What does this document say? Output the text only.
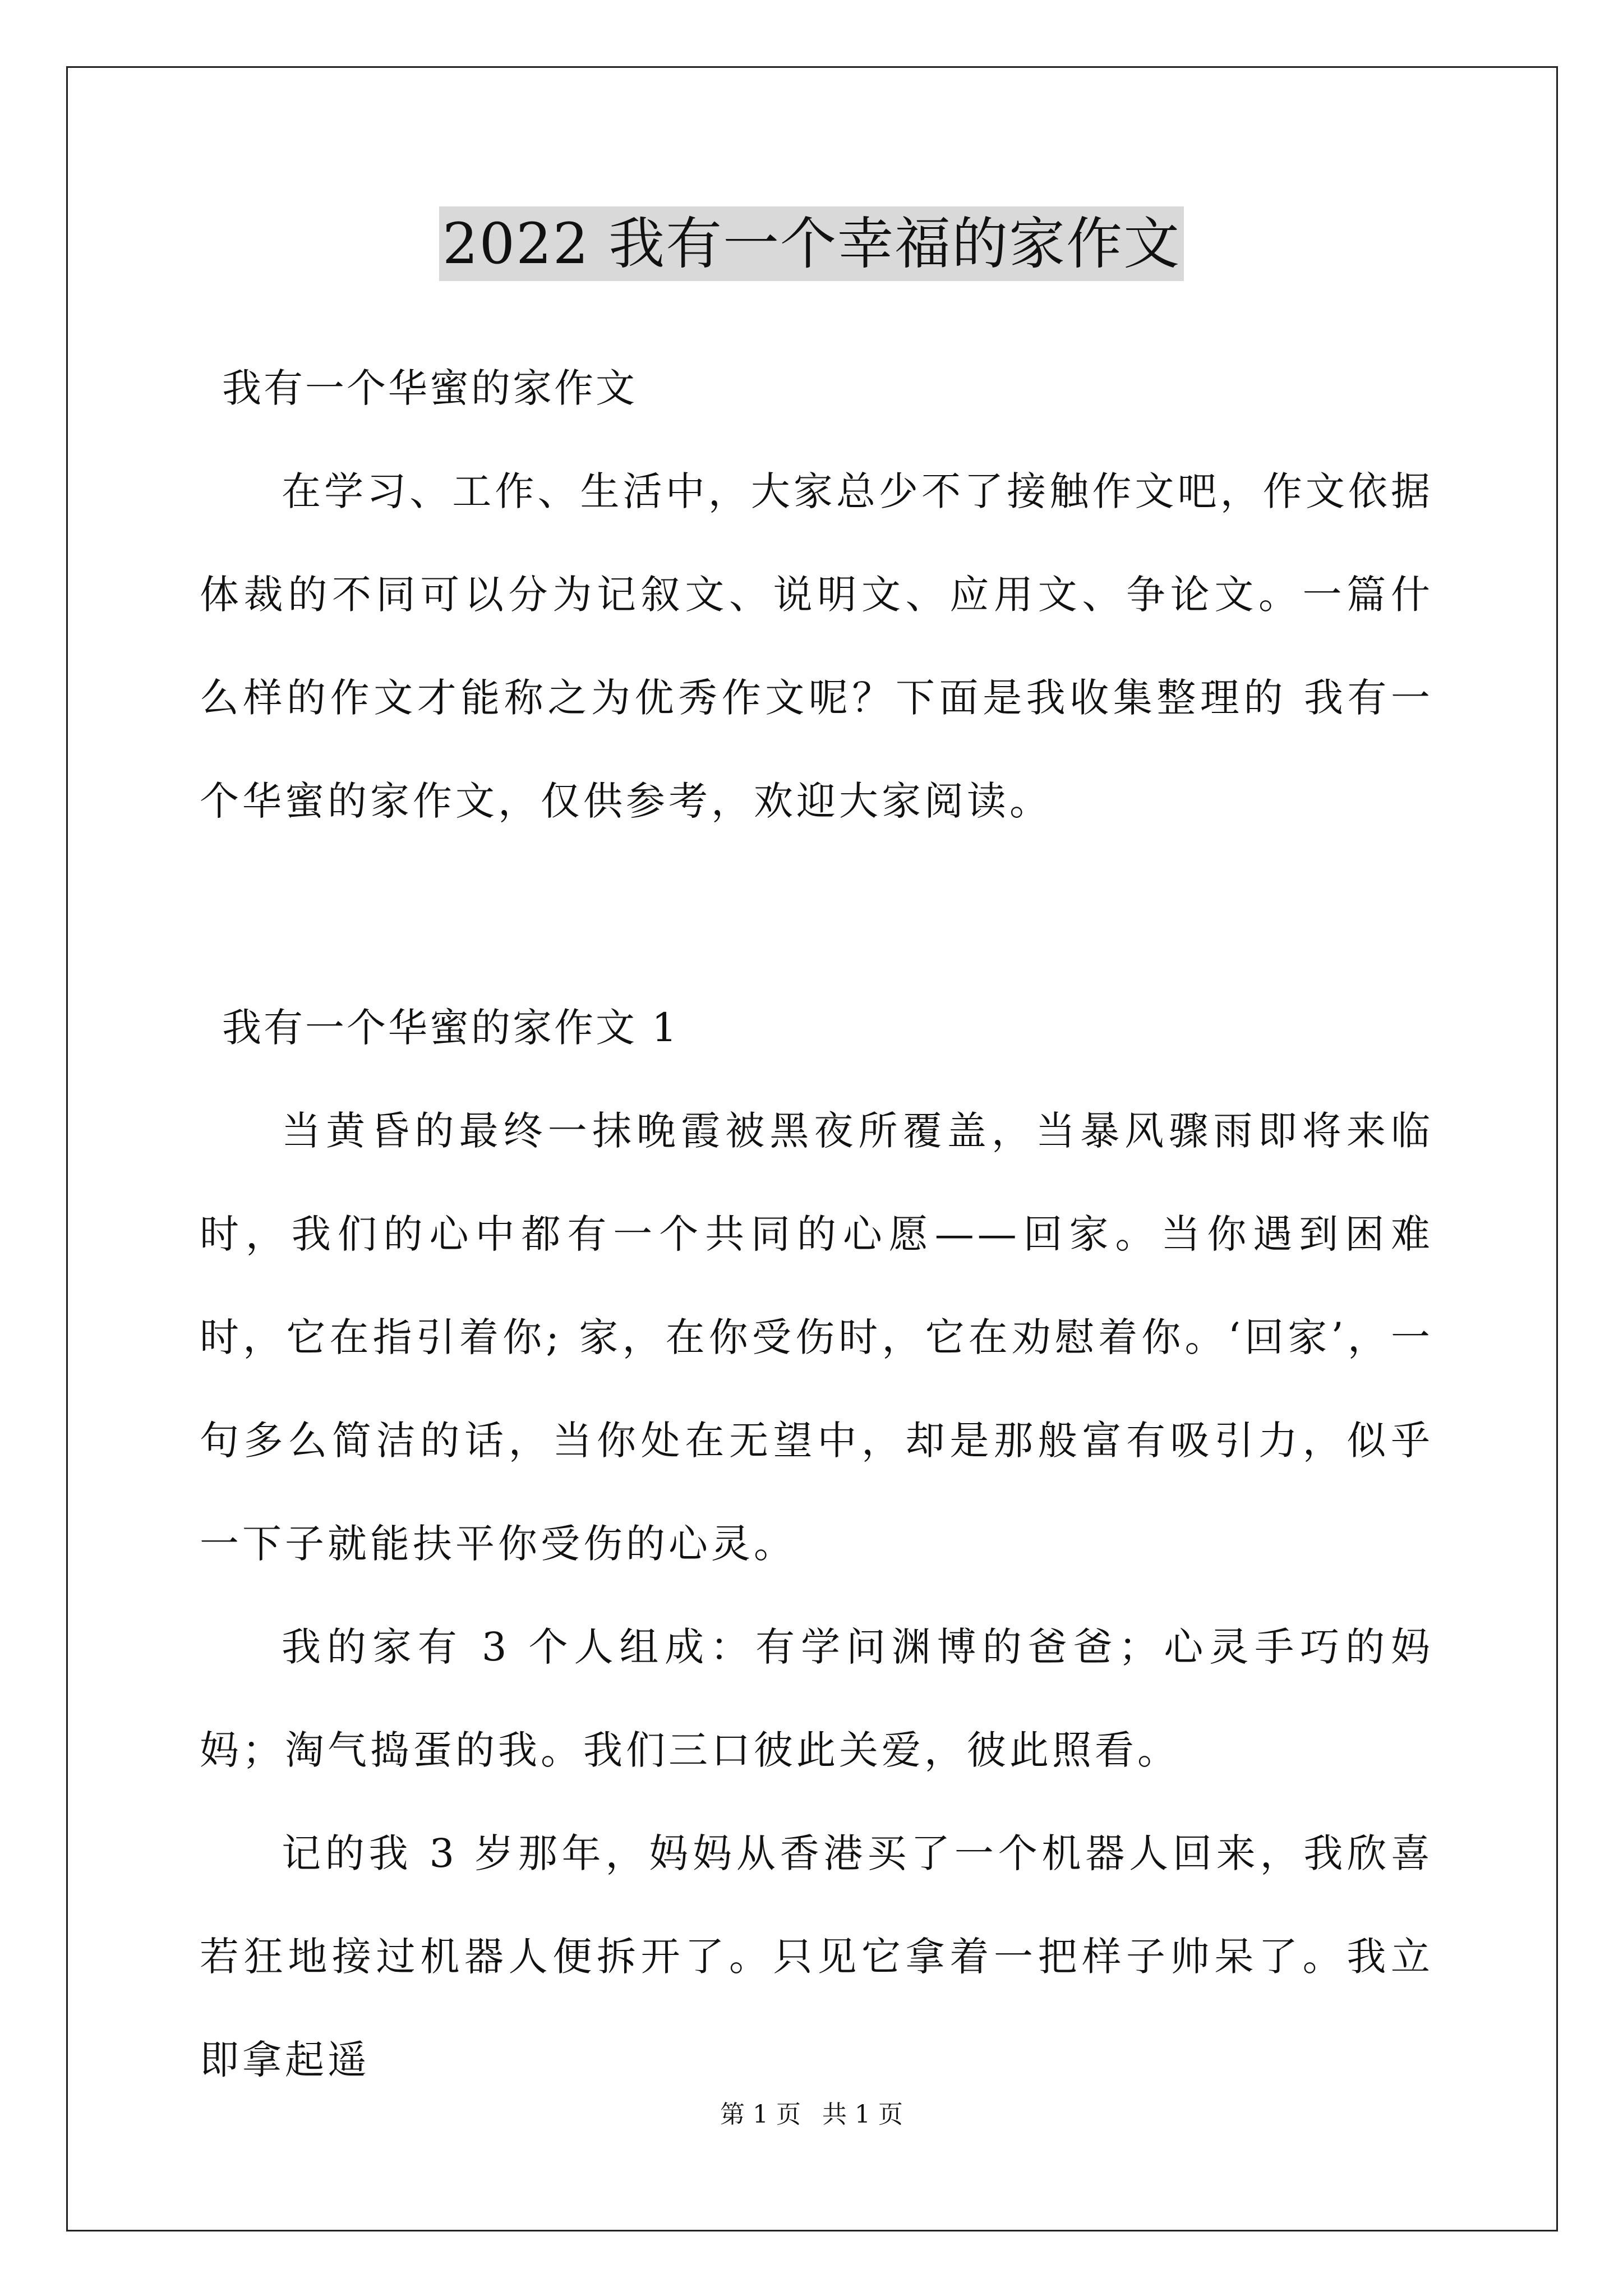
2022 我有一个幸福的家作文

我有一个华蜜的家作文

在学习、工作、生活中，大家总少不了接触作文吧，作文依据体裁的不同可以分为记叙文、说明文、应用文、争论文。一篇什么样的作文才能称之为优秀作文呢？下面是我收集整理的 我有一个华蜜的家作文，仅供参考，欢迎大家阅读。

我有一个华蜜的家作文 1

当黄昏的最终一抹晚霞被黑夜所覆盖，当暴风骤雨即将来临时，我们的心中都有一个共同的心愿——回家。当你遇到困难时，它在指引着你; 家，在你受伤时，它在劝慰着你。‘回家’，一句多么简洁的话，当你处在无望中，却是那般富有吸引力，似乎一下子就能扶平你受伤的心灵。

我的家有 3 个人组成：有学问渊博的爸爸；心灵手巧的妈妈；淘气捣蛋的我。我们三口彼此关爱，彼此照看。

记的我 3 岁那年，妈妈从香港买了一个机器人回来，我欣喜若狂地接过机器人便拆开了。只见它拿着一把样子帅呆了。我立即拿起遥

第 1 页 共 1 页
